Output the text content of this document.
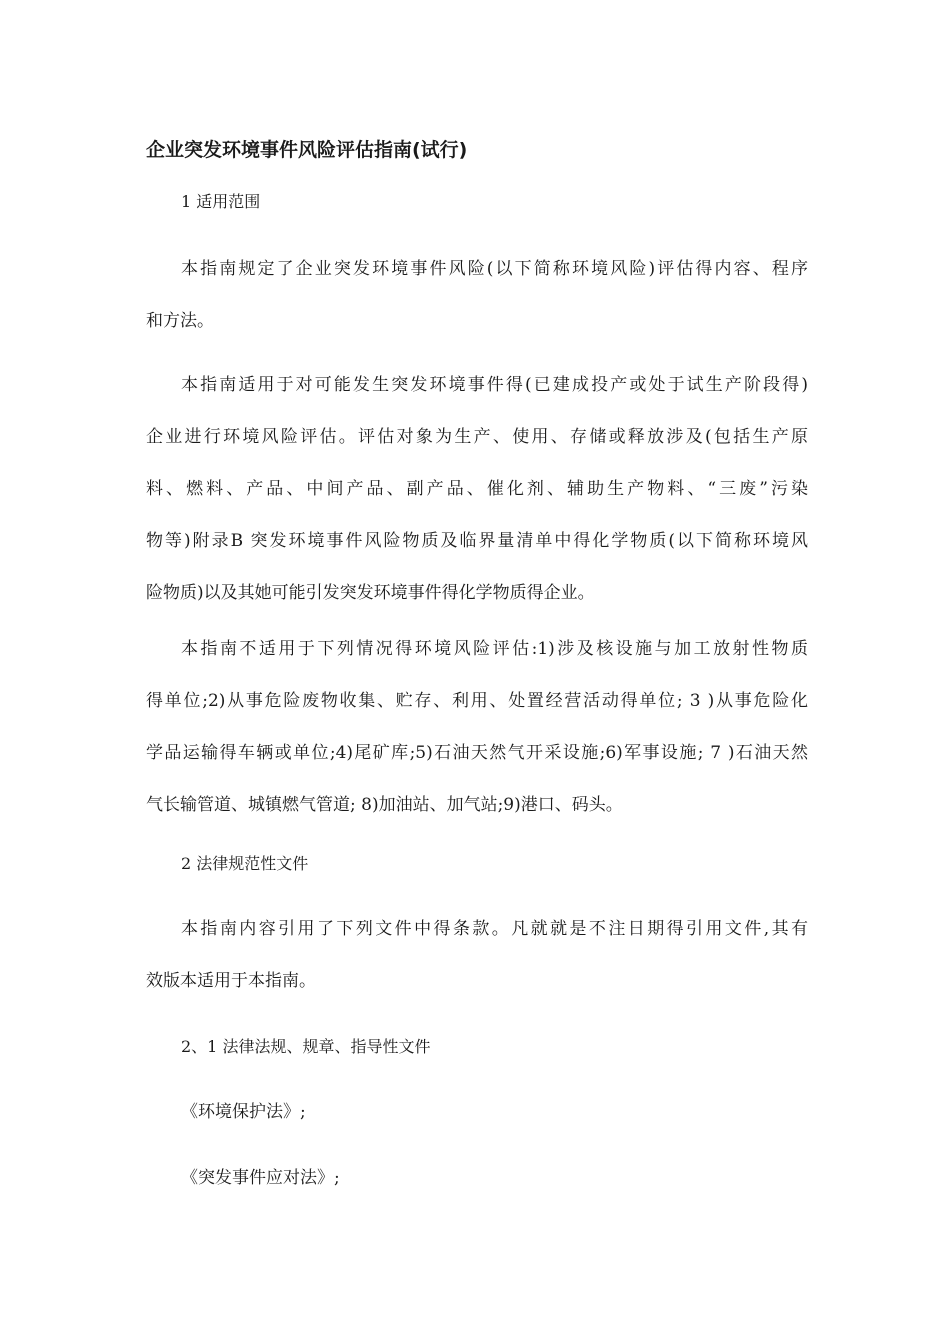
企业突发环境事件风险评估指南(试行)
1 适用范围
本指南规定了企业突发环境事件风险(以下简称环境风险)评估得内容、程序
和方法。
本指南适用于对可能发生突发环境事件得(已建成投产或处于试生产阶段得)
企业进行环境风险评估。评估对象为生产、使用、存储或释放涉及(包括生产原
料、燃料、产品、中间产品、副产品、催化剂、辅助生产物料、“三废”污染
物等)附录B 突发环境事件风险物质及临界量清单中得化学物质(以下简称环境风
险物质)以及其她可能引发突发环境事件得化学物质得企业。
本指南不适用于下列情况得环境风险评估:1)涉及核设施与加工放射性物质
得单位;2)从事危险废物收集、贮存、利用、处置经营活动得单位; 3 )从事危险化
学品运输得车辆或单位;4)尾矿库;5)石油天然气开采设施;6)军事设施; 7 )石油天然
气长输管道、城镇燃气管道; 8)加油站、加气站;9)港口、码头。
2 法律规范性文件
本指南内容引用了下列文件中得条款。凡就就是不注日期得引用文件,其有
效版本适用于本指南。
2、1 法律法规、规章、指导性文件
《环境保护法》;
《突发事件应对法》;
